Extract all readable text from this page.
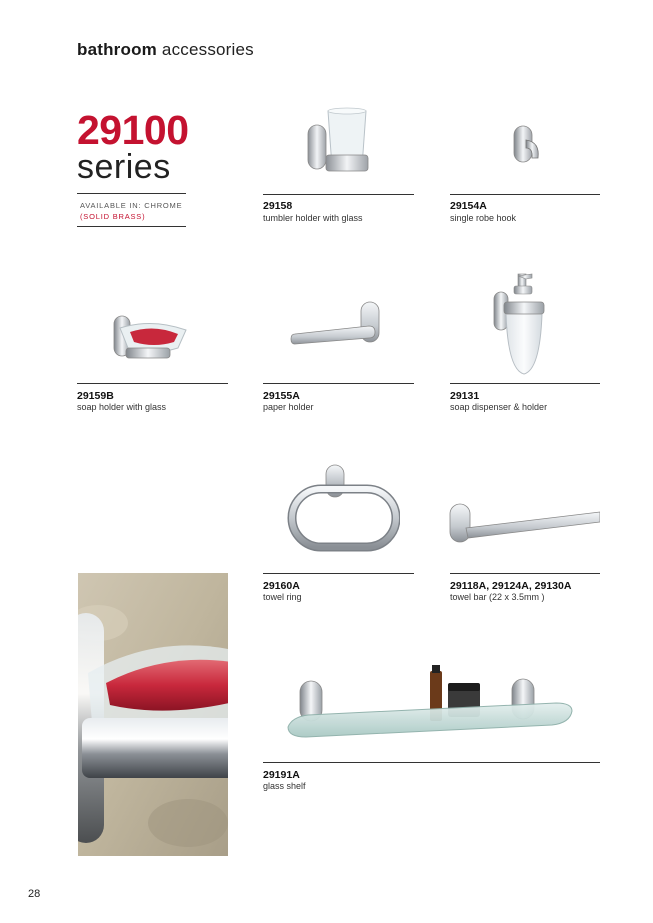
bathroom accessories
29100
series
AVAILABLE IN: CHROME
(SOLID BRASS)
29158
tumbler holder with glass
29154A
single robe hook
29159B
soap holder with glass
29155A
paper holder
29131
soap dispenser & holder
29160A
towel ring
29118A, 29124A, 29130A
towel bar (22 x 3.5mm )
29191A
glass shelf
28
